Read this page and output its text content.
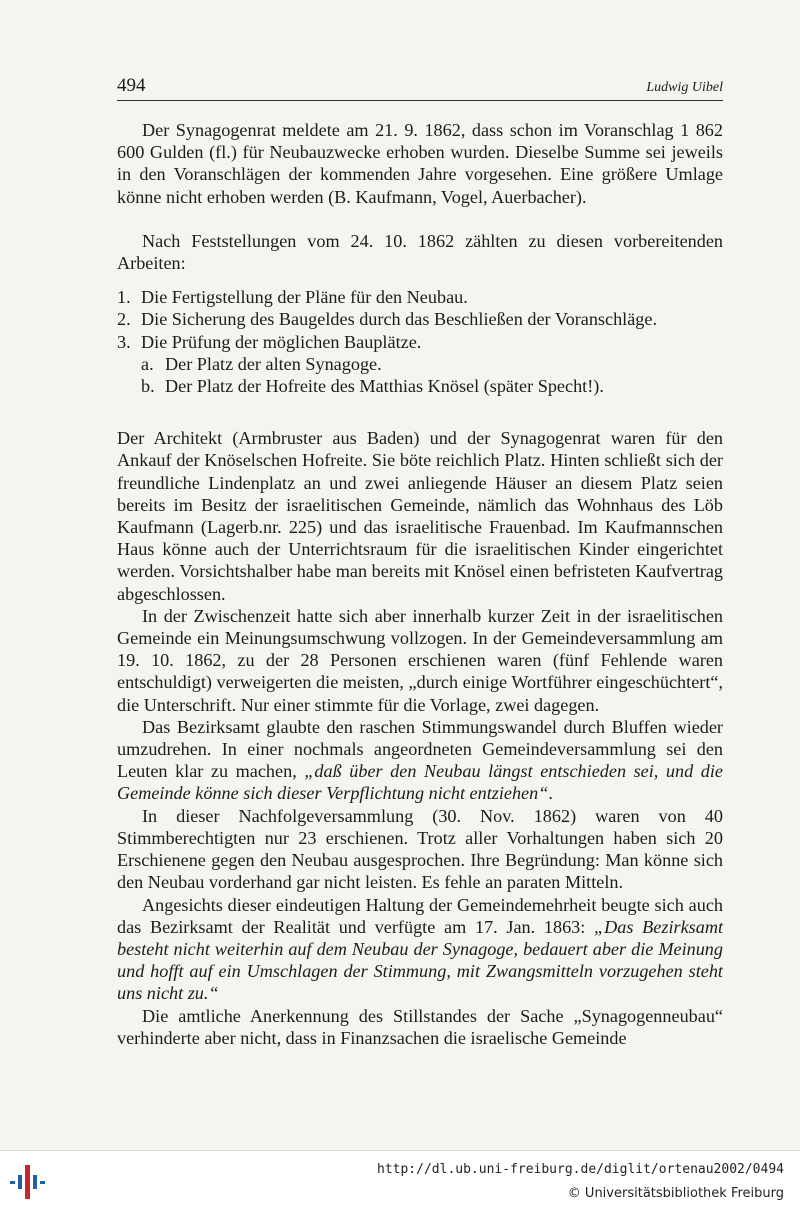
494	Ludwig Uibel

Der Synagogenrat meldete am 21. 9. 1862, dass schon im Voranschlag 1 862 600 Gulden (fl.) für Neubauzwecke erhoben wurden. Dieselbe Summe sei jeweils in den Voranschlägen der kommenden Jahre vorgesehen. Eine größere Umlage könne nicht erhoben werden (B. Kaufmann, Vogel, Auerbacher).

Nach Feststellungen vom 24. 10. 1862 zählten zu diesen vorbereitenden Arbeiten:

1. Die Fertigstellung der Pläne für den Neubau.
2. Die Sicherung des Baugeldes durch das Beschließen der Voranschläge.
3. Die Prüfung der möglichen Bauplätze.
a. Der Platz der alten Synagoge.
b. Der Platz der Hofreite des Matthias Knösel (später Specht!).

Der Architekt (Armbruster aus Baden) und der Synagogenrat waren für den Ankauf der Knöselschen Hofreite. Sie böte reichlich Platz. Hinten schließt sich der freundliche Lindenplatz an und zwei anliegende Häuser an diesem Platz seien bereits im Besitz der israelitischen Gemeinde, nämlich das Wohnhaus des Löb Kaufmann (Lagerb.nr. 225) und das israelitische Frauenbad. Im Kaufmannschen Haus könne auch der Unterrichtsraum für die israelitischen Kinder eingerichtet werden. Vorsichtshalber habe man bereits mit Knösel einen befristeten Kaufvertrag abgeschlossen.

In der Zwischenzeit hatte sich aber innerhalb kurzer Zeit in der israelitischen Gemeinde ein Meinungsumschwung vollzogen. In der Gemeindeversammlung am 19. 10. 1862, zu der 28 Personen erschienen waren (fünf Fehlende waren entschuldigt) verweigerten die meisten, „durch einige Wortführer eingeschüchtert“, die Unterschrift. Nur einer stimmte für die Vorlage, zwei dagegen.

Das Bezirksamt glaubte den raschen Stimmungswandel durch Bluffen wieder umzudrehen. In einer nochmals angeordneten Gemeindeversammlung sei den Leuten klar zu machen, „daß über den Neubau längst entschieden sei, und die Gemeinde könne sich dieser Verpflichtung nicht entziehen“.

In dieser Nachfolgeversammlung (30. Nov. 1862) waren von 40 Stimmberechtigten nur 23 erschienen. Trotz aller Vorhaltungen haben sich 20 Erschienene gegen den Neubau ausgesprochen. Ihre Begründung: Man könne sich den Neubau vorderhand gar nicht leisten. Es fehle an paraten Mitteln.

Angesichts dieser eindeutigen Haltung der Gemeindemehrheit beugte sich auch das Bezirksamt der Realität und verfügte am 17. Jan. 1863: „Das Bezirksamt besteht nicht weiterhin auf dem Neubau der Synagoge, bedauert aber die Meinung und hofft auf ein Umschlagen der Stimmung, mit Zwangsmitteln vorzugehen steht uns nicht zu.“

Die amtliche Anerkennung des Stillstandes der Sache „Synagogenneubau“ verhinderte aber nicht, dass in Finanzsachen die israelische Gemeinde

http://dl.ub.uni-freiburg.de/diglit/ortenau2002/0494
© Universitätsbibliothek Freiburg
